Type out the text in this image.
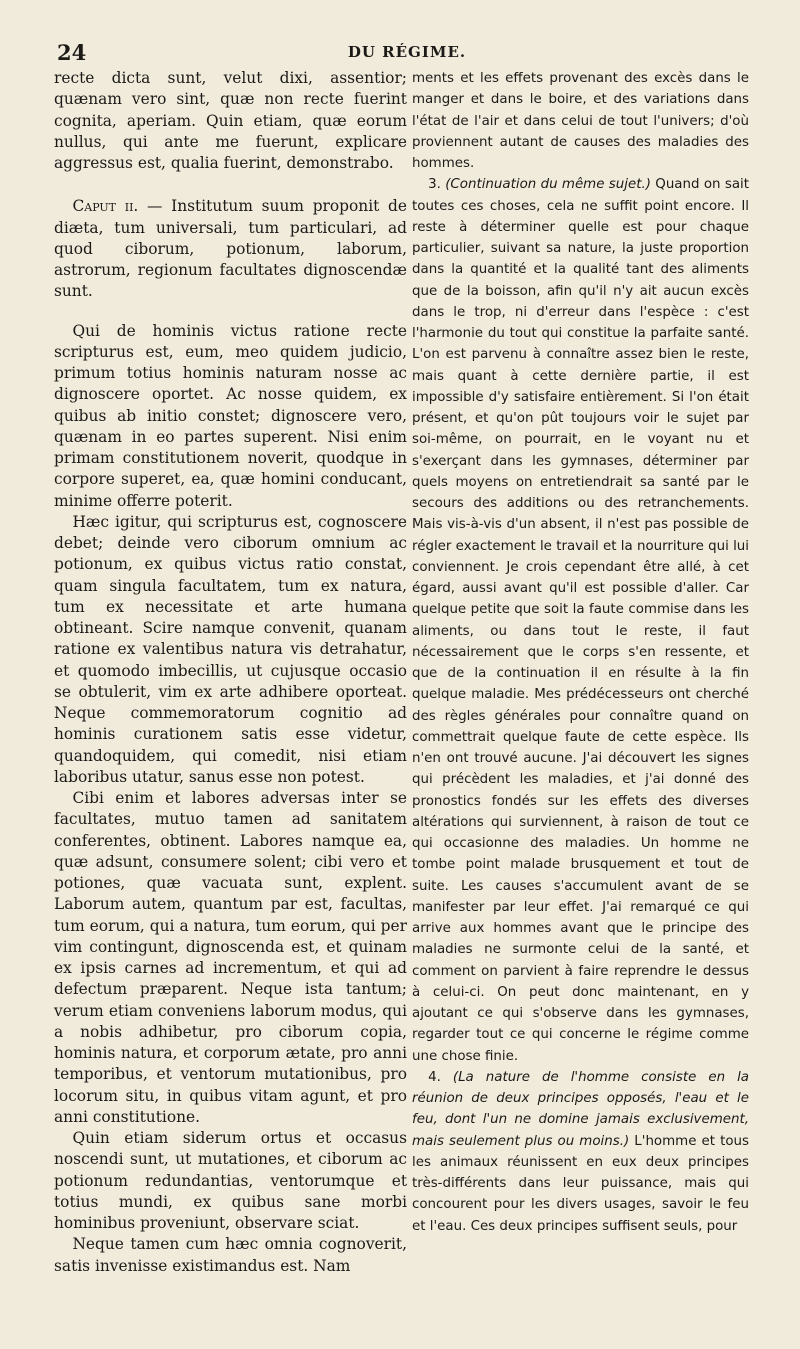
24	DU RÉGIME.

recte dicta sunt, velut dixi, assentior; quænam vero sint, quæ non recte fuerint cognita, aperiam. Quin etiam, quæ eorum nullus, qui ante me fuerunt, explicare aggressus est, qualia fuerint, demonstrabo.

Caput ii. — Institutum suum proponit de diæta, tum universali, tum particulari, ad quod ciborum, potionum, laborum, astrorum, regionum facultates dignoscendæ sunt.

Qui de hominis victus ratione recte scripturus est, eum, meo quidem judicio, primum totius hominis naturam nosse ac dignoscere oportet. Ac nosse quidem, ex quibus ab initio constet; dignoscere vero, quænam in eo partes superent. Nisi enim primam constitutionem noverit, quodque in corpore superet, ea, quæ homini conducant, minime offerre poterit.

Hæc igitur, qui scripturus est, cognoscere debet; deinde vero ciborum omnium ac potionum, ex quibus victus ratio constat, quam singula facultatem, tum ex natura, tum ex necessitate et arte humana obtineant. Scire namque convenit, quanam ratione ex valentibus natura vis detrahatur, et quomodo imbecillis, ut cujusque occasio se obtulerit, vim ex arte adhibere oporteat. Neque commemoratorum cognitio ad hominis curationem satis esse videtur, quandoquidem, qui comedit, nisi etiam laboribus utatur, sanus esse non potest.

Cibi enim et labores adversas inter se facultates, mutuo tamen ad sanitatem conferentes, obtinent. Labores namque ea, quæ adsunt, consumere solent; cibi vero et potiones, quæ vacuata sunt, explent. Laborum autem, quantum par est, facultas, tum eorum, qui a natura, tum eorum, qui per vim contingunt, dignoscenda est, et quinam ex ipsis carnes ad incrementum, et qui ad defectum præparent. Neque ista tantum; verum etiam conveniens laborum modus, qui a nobis adhibetur, pro ciborum copia, hominis natura, et corporum ætate, pro anni temporibus, et ventorum mutationibus, pro locorum situ, in quibus vitam agunt, et pro anni constitutione.

Quin etiam siderum ortus et occasus noscendi sunt, ut mutationes, et ciborum ac potionum redundantias, ventorumque et totius mundi, ex quibus sane morbi hominibus proveniunt, observare sciat.

Neque tamen cum hæc omnia cognoverit, satis invenisse existimandus est. Nam

ments et les effets provenant des excès dans le manger et dans le boire, et des variations dans l'état de l'air et dans celui de tout l'univers; d'où proviennent autant de causes des maladies des hommes.

3. (Continuation du même sujet.) Quand on sait toutes ces choses, cela ne suffit point encore. Il reste à déterminer quelle est pour chaque particulier, suivant sa nature, la juste proportion dans la quantité et la qualité tant des aliments que de la boisson, afin qu'il n'y ait aucun excès dans le trop, ni d'erreur dans l'espèce : c'est l'harmonie du tout qui constitue la parfaite santé. L'on est parvenu à connaître assez bien le reste, mais quant à cette dernière partie, il est impossible d'y satisfaire entièrement. Si l'on était présent, et qu'on pût toujours voir le sujet par soi-même, on pourrait, en le voyant nu et s'exerçant dans les gymnases, déterminer par quels moyens on entretiendrait sa santé par le secours des additions ou des retranchements. Mais vis-à-vis d'un absent, il n'est pas possible de régler exactement le travail et la nourriture qui lui conviennent. Je crois cependant être allé, à cet égard, aussi avant qu'il est possible d'aller. Car quelque petite que soit la faute commise dans les aliments, ou dans tout le reste, il faut nécessairement que le corps s'en ressente, et que de la continuation il en résulte à la fin quelque maladie. Mes prédécesseurs ont cherché des règles générales pour connaître quand on commettrait quelque faute de cette espèce. Ils n'en ont trouvé aucune. J'ai découvert les signes qui précèdent les maladies, et j'ai donné des pronostics fondés sur les effets des diverses altérations qui surviennent, à raison de tout ce qui occasionne des maladies. Un homme ne tombe point malade brusquement et tout de suite. Les causes s'accumulent avant de se manifester par leur effet. J'ai remarqué ce qui arrive aux hommes avant que le principe des maladies ne surmonte celui de la santé, et comment on parvient à faire reprendre le dessus à celui-ci. On peut donc maintenant, en y ajoutant ce qui s'observe dans les gymnases, regarder tout ce qui concerne le régime comme une chose finie.

4. (La nature de l'homme consiste en la réunion de deux principes opposés, l'eau et le feu, dont l'un ne domine jamais exclusivement, mais seulement plus ou moins.) L'homme et tous les animaux réunissent en eux deux principes très-différents dans leur puissance, mais qui concourent pour les divers usages, savoir le feu et l'eau. Ces deux principes suffisent seuls, pour
